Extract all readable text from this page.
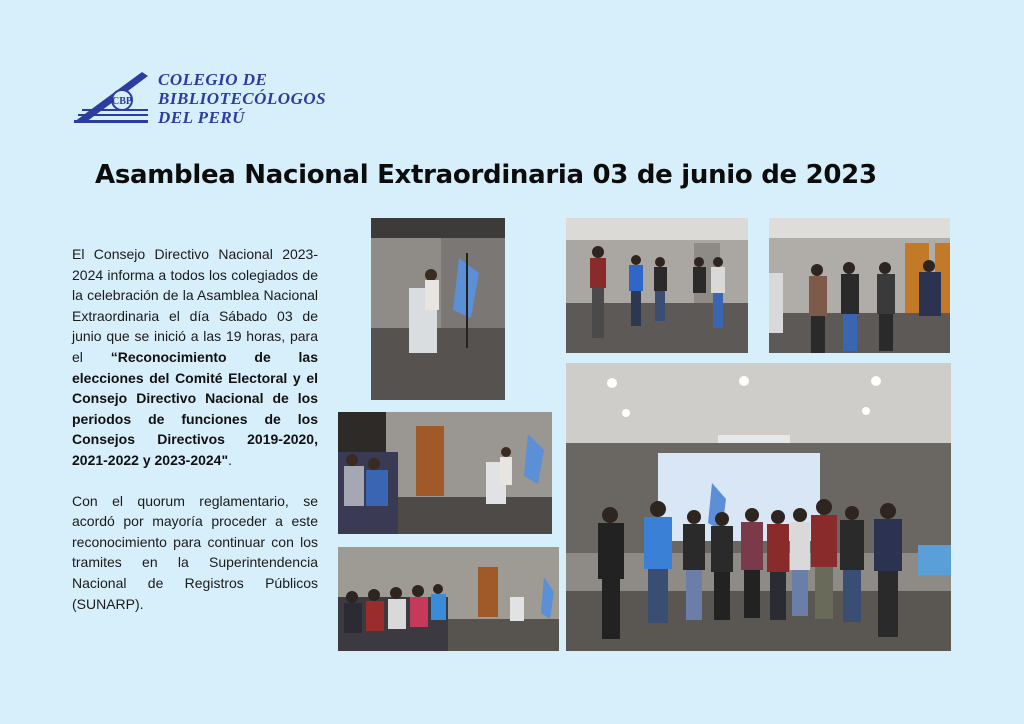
CBP
COLEGIO DE
BIBLIOTECÓLOGOS
DEL PERÚ
Asamblea Nacional Extraordinaria 03 de junio de 2023

El Consejo Directivo Nacional 2023-2024 informa a todos los colegiados de la celebración de la Asamblea Nacional Extraordinaria el día Sábado 03 de junio que se inició a las 19 horas, para el “Reconocimiento de las elecciones del Comité Electoral y el Consejo Directivo Nacional de los periodos de funciones de los Consejos Directivos 2019-2020, 2021-2022 y 2023-2024".

Con el quorum reglamentario, se acordó por mayoría proceder a este reconocimiento para continuar con los tramites en la Superintendencia Nacional de Registros Públicos (SUNARP).
